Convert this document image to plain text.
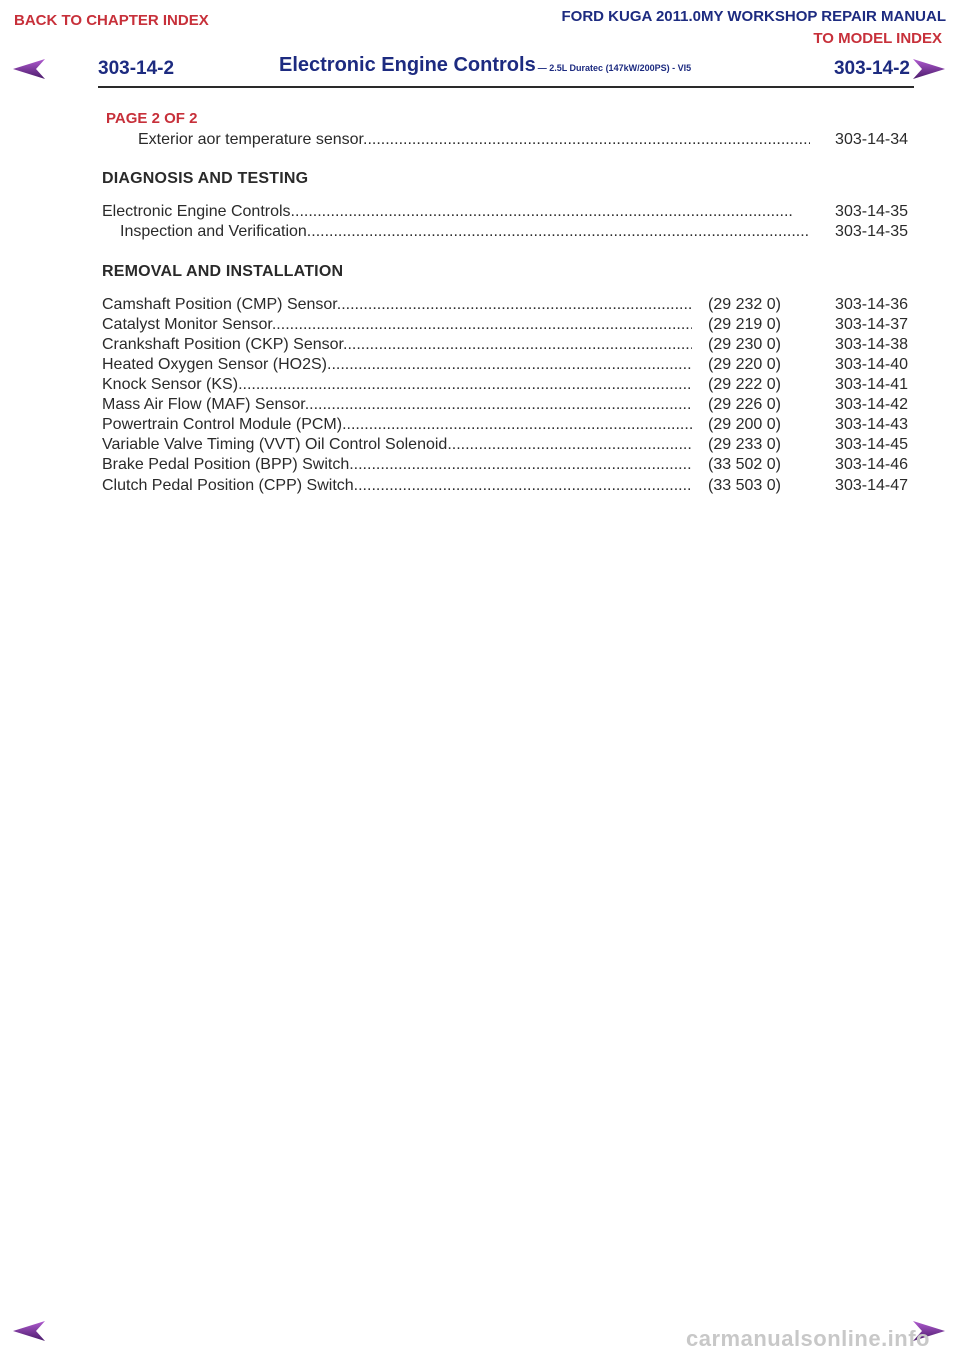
BACK TO CHAPTER INDEX	FORD KUGA 2011.0MY WORKSHOP REPAIR MANUAL
TO MODEL INDEX
303-14-2	Electronic Engine Controls — 2.5L Duratec (147kW/200PS) - VI5	303-14-2
PAGE 2 OF 2
Exterior aor temperature sensor .....	303-14-34
DIAGNOSIS AND TESTING
Electronic Engine Controls .....	303-14-35
Inspection and Verification .....	303-14-35
REMOVAL AND INSTALLATION
Camshaft Position (CMP) Sensor .....	(29 232 0)	303-14-36
Catalyst Monitor Sensor .....	(29 219 0)	303-14-37
Crankshaft Position (CKP) Sensor .....	(29 230 0)	303-14-38
Heated Oxygen Sensor (HO2S) .....	(29 220 0)	303-14-40
Knock Sensor (KS) .....	(29 222 0)	303-14-41
Mass Air Flow (MAF) Sensor .....	(29 226 0)	303-14-42
Powertrain Control Module (PCM) .....	(29 200 0)	303-14-43
Variable Valve Timing (VVT) Oil Control Solenoid .....	(29 233 0)	303-14-45
Brake Pedal Position (BPP) Switch .....	(33 502 0)	303-14-46
Clutch Pedal Position (CPP) Switch .....	(33 503 0)	303-14-47
carmanualsonline.info
